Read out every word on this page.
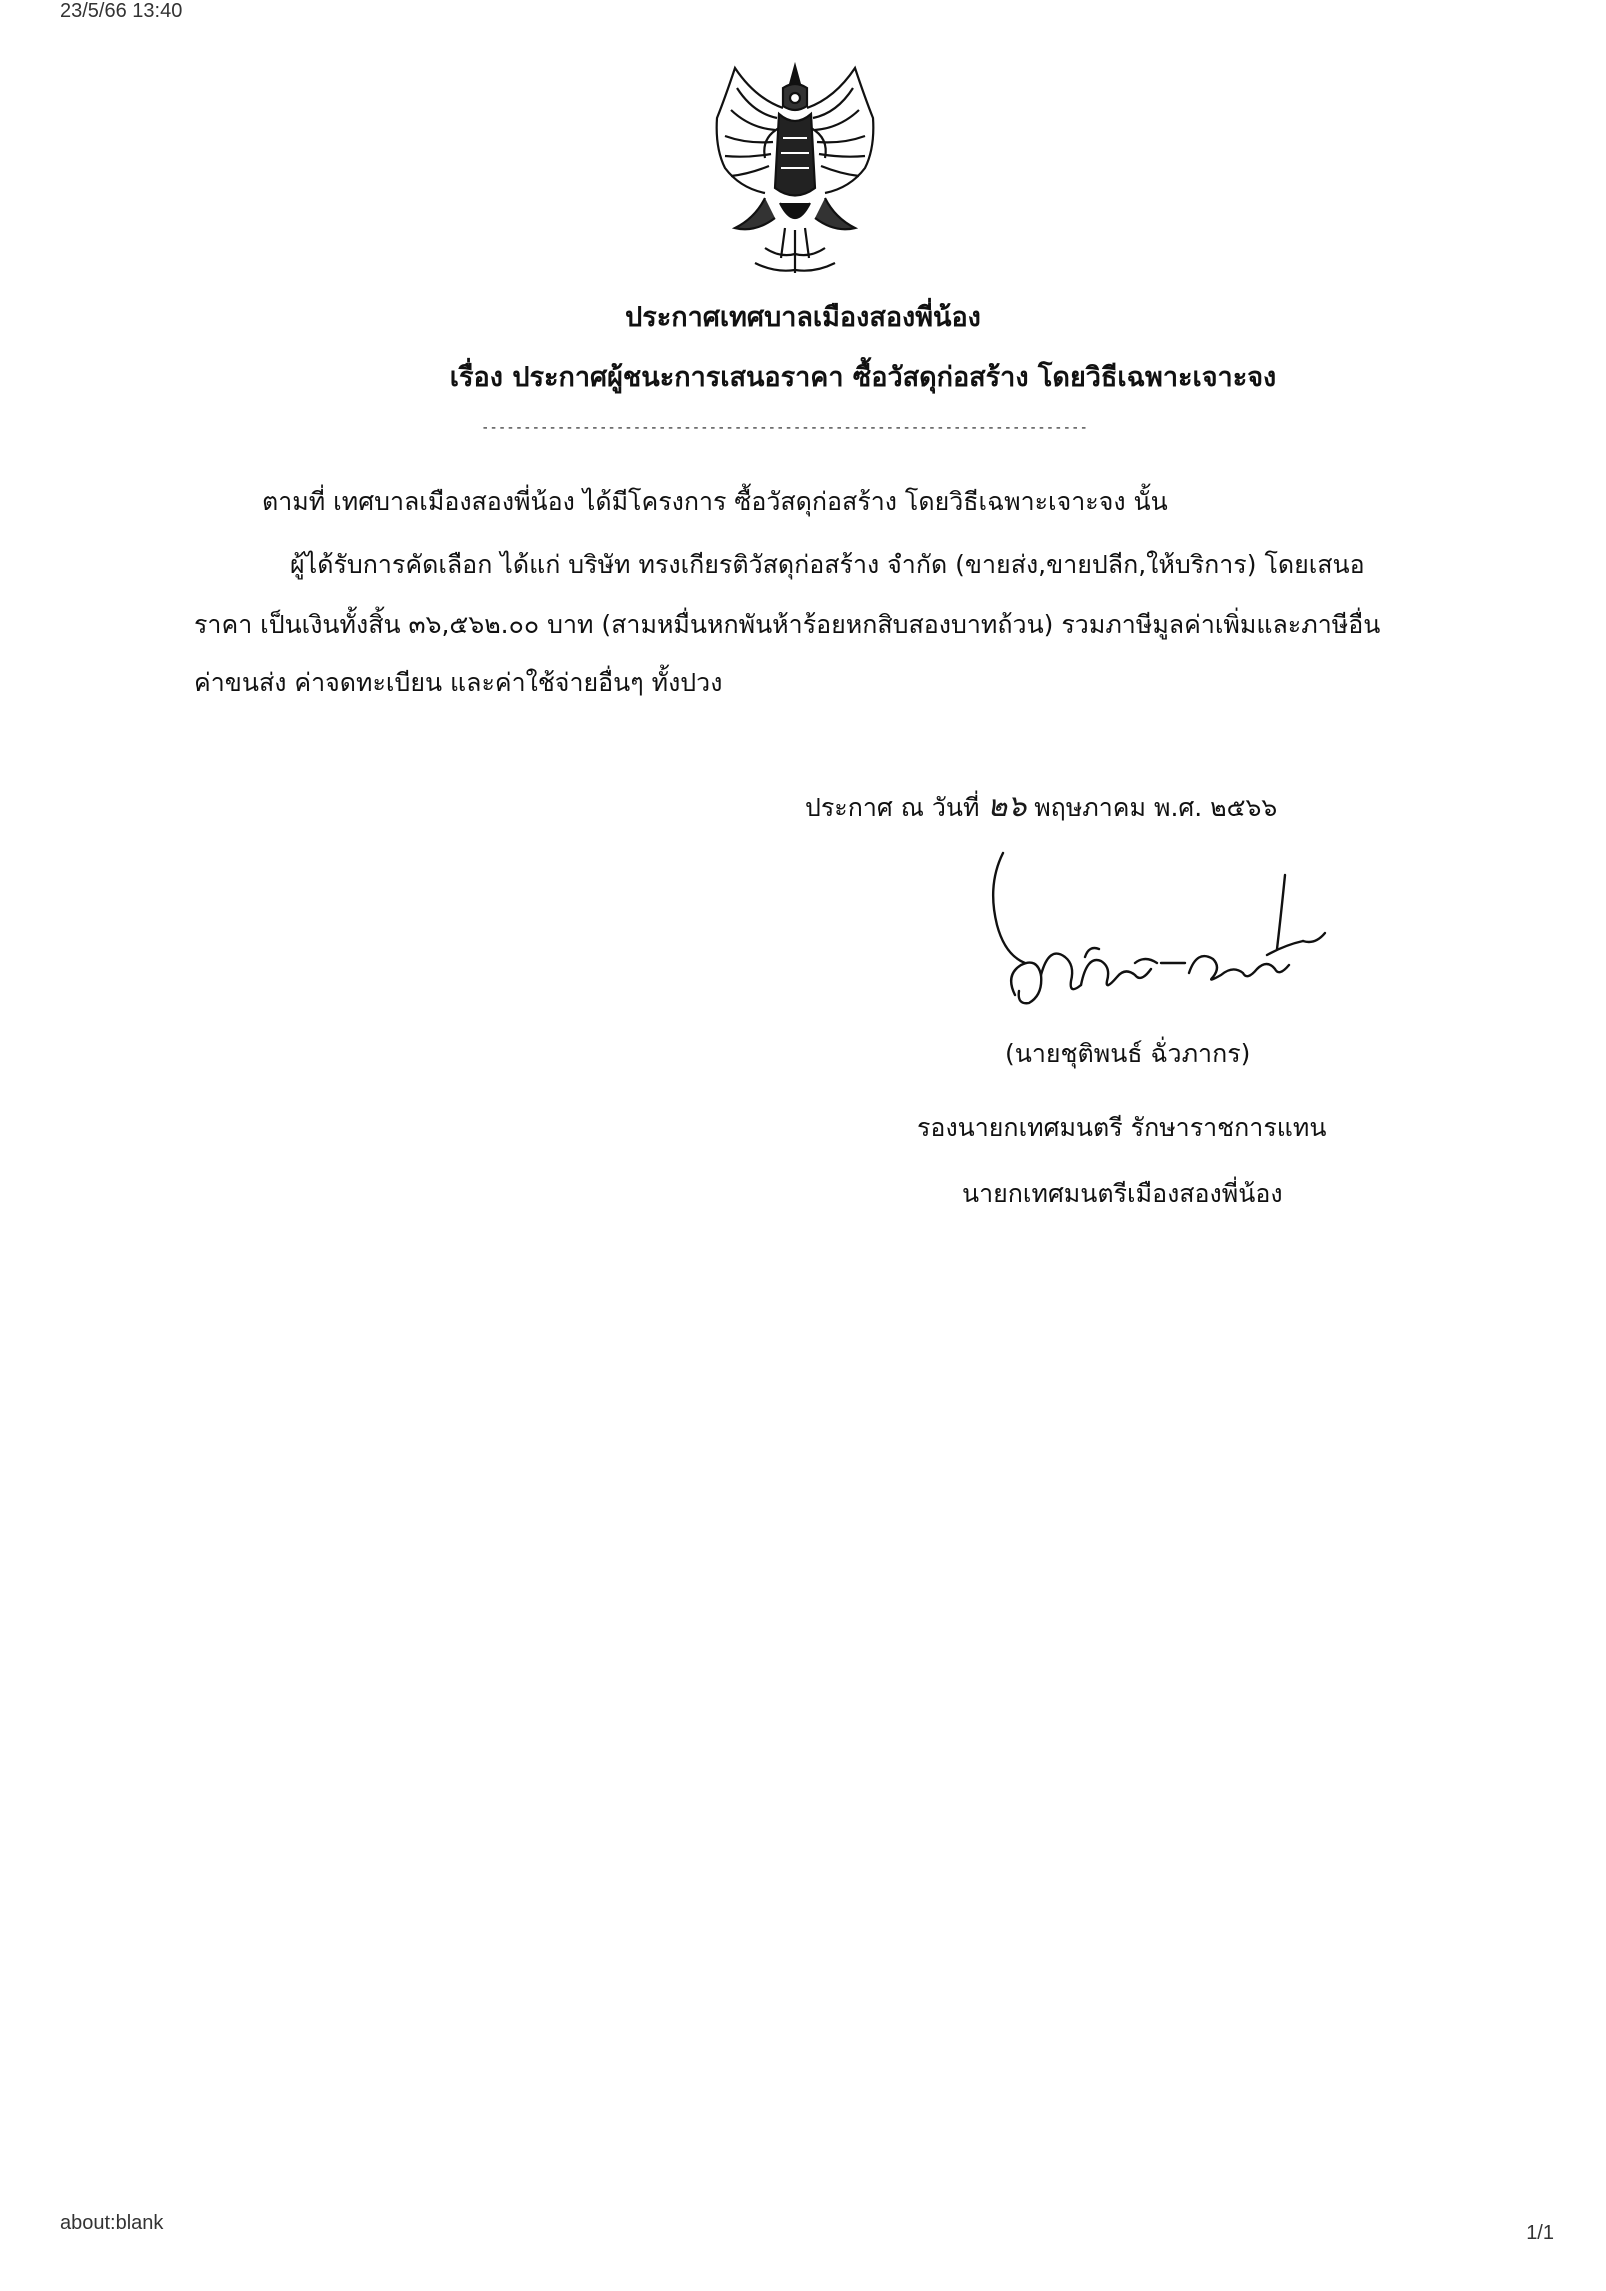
23/5/66 13:40
ประกาศเทศบาลเมืองสองพี่น้อง
เรื่อง ประกาศผู้ชนะการเสนอราคา ซื้อวัสดุก่อสร้าง โดยวิธีเฉพาะเจาะจง
------------------------------------------------------------------------
ตามที่ เทศบาลเมืองสองพี่น้อง ได้มีโครงการ ซื้อวัสดุก่อสร้าง โดยวิธีเฉพาะเจาะจง นั้น
ผู้ได้รับการคัดเลือก ได้แก่ บริษัท ทรงเกียรติวัสดุก่อสร้าง จำกัด (ขายส่ง,ขายปลีก,ให้บริการ) โดยเสนอ
ราคา เป็นเงินทั้งสิ้น ๓๖,๕๖๒.๐๐ บาท (สามหมื่นหกพันห้าร้อยหกสิบสองบาทถ้วน) รวมภาษีมูลค่าเพิ่มและภาษีอื่น
ค่าขนส่ง ค่าจดทะเบียน และค่าใช้จ่ายอื่นๆ ทั้งปวง
ประกาศ ณ วันที่ ๒๖ พฤษภาคม พ.ศ. ๒๕๖๖
(นายชุติพนธ์ ฉั่วภากร)
รองนายกเทศมนตรี รักษาราชการแทน
นายกเทศมนตรีเมืองสองพี่น้อง
about:blank	1/1
